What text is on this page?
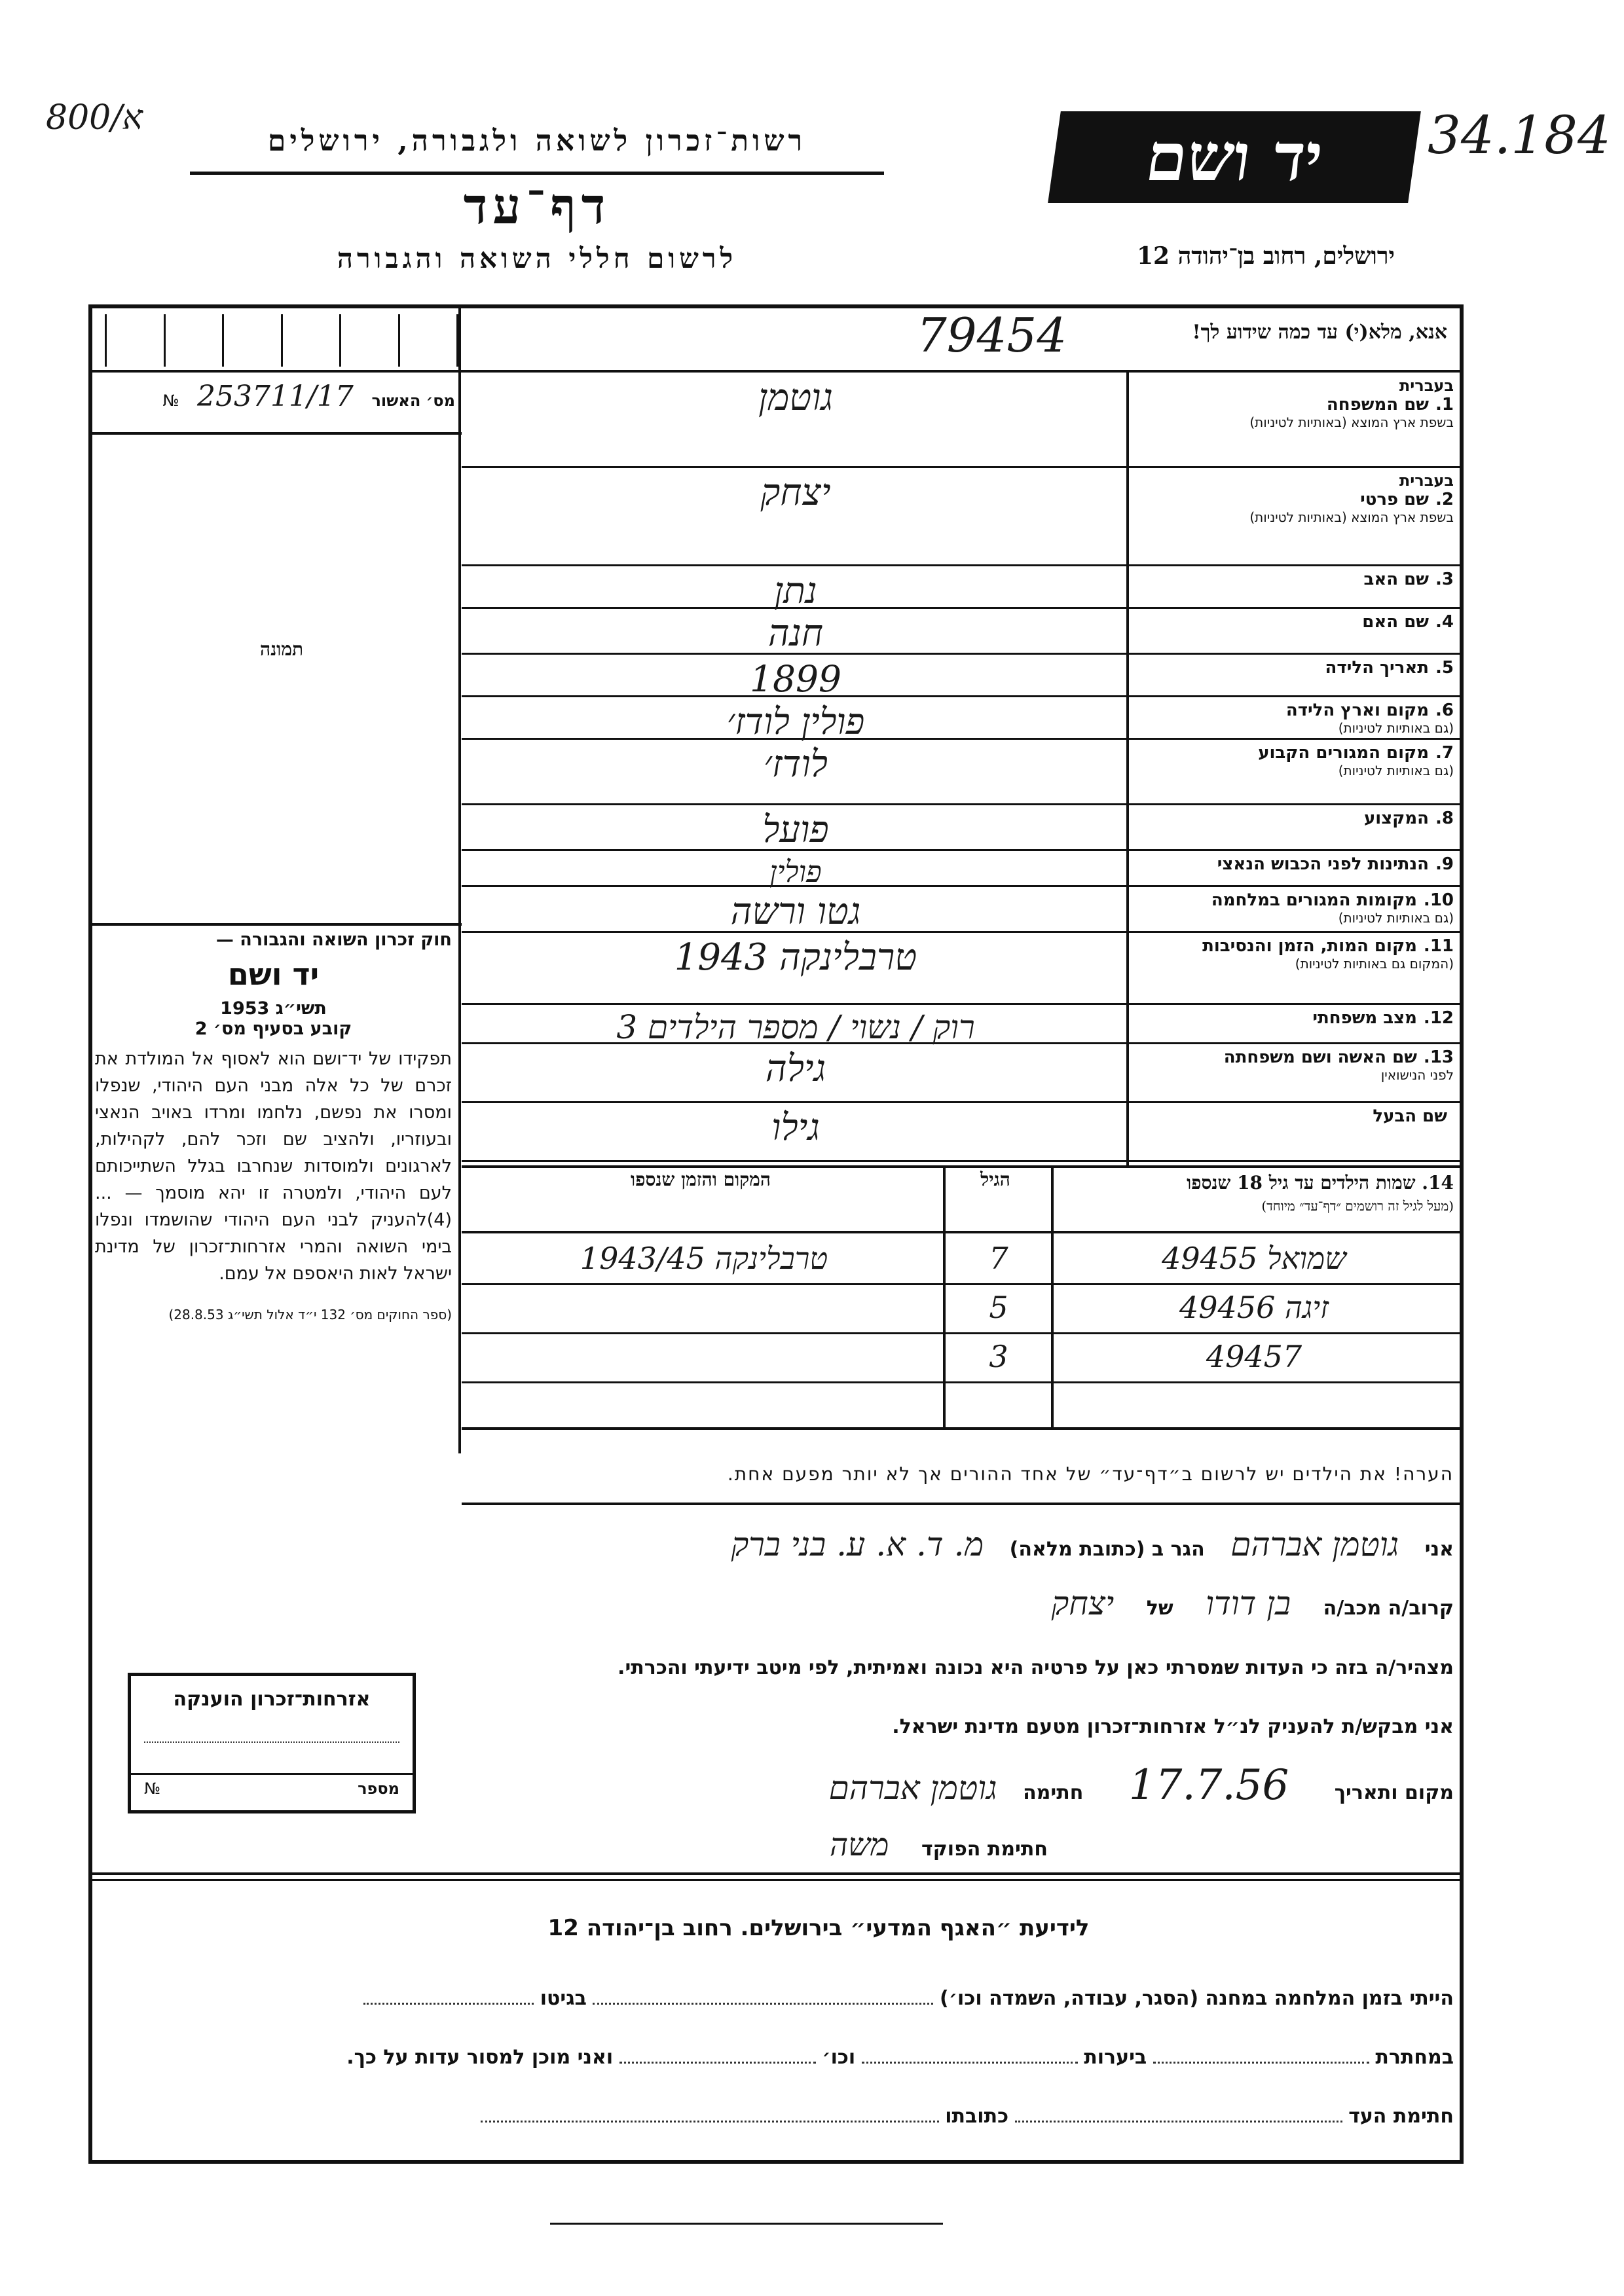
800/א	34.184
רשות־זכרון לשואה ולגבורה, ירושלים
דף־עד
לרשום חללי השואה והגבורה
יד ושם
ירושלים, רחוב בן־יהודה 12
אנא, מלא(י) עד כמה שידוע לך!
79454
מס׳ האשור 253711/17 №
תמונה
בעברית
1.שם המשפחה
בשפת ארץ המוצא (באותיות לטיניות)
גוטמן
בעברית
2.שם פרטי
בשפת ארץ המוצא (באותיות לטיניות)
יצחק
3.שם האב
נתן
4.שם האם
חנה
5.תאריך הלידה
1899
6.מקום וארץ הלידה
(גם באותיות לטיניות)
פולין לודז׳
7.מקום המגורים הקבוע
(גם באותיות לטיניות)
לודז׳
8.המקצוע
פועל
9.הנתינות לפני הכבוש הנאצי
פולין
10.מקומות המגורים במלחמה
(גם באותיות לטיניות)
גטו ורשה
11.מקום המות, הזמן והנסיבות
(המקום גם באותיות לטיניות)
טרבלינקה 1943
12.מצב משפחתי
רוק / נשוי / מספר הילדים 3
13.שם האשה ושם משפחתה
לפני הנישואין
גילה
שם הבעל
גילו
חוק זכרון השואה והגבורה —
יד ושם
תשי״ג 1953
קובע בסעיף מס׳ 2
תפקידו של יד־ושם הוא לאסוף אל המולדת את זכרם של כל אלה מבני העם היהודי, שנפלו ומסרו את נפשם, נלחמו ומרדו באויב הנאצי ובעוזריו, ולהציב שם וזכר להם, לקהילות, לארגונים ולמוסדות שנחרבו בגלל השתייכותם לעם היהודי, ולמטרה זו יהא מוסמך — ...(4)להעניק לבני העם היהודי שהושמדו ונפלו בימי השואה והמרי אזרחות־זכרון של מדינת ישראל לאות היאספם אל עמם.
(ספר החוקים מס׳ 132 י״ד אלול תשי״ג 28.8.53)
14. שמות הילדים עד גיל 18 שנספו
(מעל לגיל זה רושמים ״דף־עד״ מיוחד)
הגיל
המקום והזמן שנספו
שמואל 49455
7
טרבלינקה 1943/45
זיגה 49456
5
49457
3
הערה! את הילדים יש לרשום ב״דף־עד״ של אחד ההורים אך לא יותר מפעם אחת.
אני גוטמן אברהם הגר ב (כתובת מלאה) מ. ד. א. ע. בני ברק
קרוב/ה מכב/ה בן דודו של יצחק
מצהיר/ה בזה כי העדות שמסרתי כאן על פרטיה היא נכונה ואמיתית, לפי מיטב ידיעתי והכרתי.
אני מבקש/ת להעניק לנ״ל אזרחות־זכרון מטעם מדינת ישראל.
מקום ותאריך 17.7.56 חתימה גוטמן אברהם
חתימת הפוקד משה
אזרחות־זכרון הוענקה
מספר
№
לידיעת ״האגף המדעי״ בירושלים. רחוב בן־יהודה 12
הייתי בזמן המלחמה במחנה (הסגר, עבודה, השמדה וכו׳)  בגיטו
במחתרת  ביערות  וכו׳  ואני מוכן למסור עדות על כך.
חתימת העד  כתובתו
